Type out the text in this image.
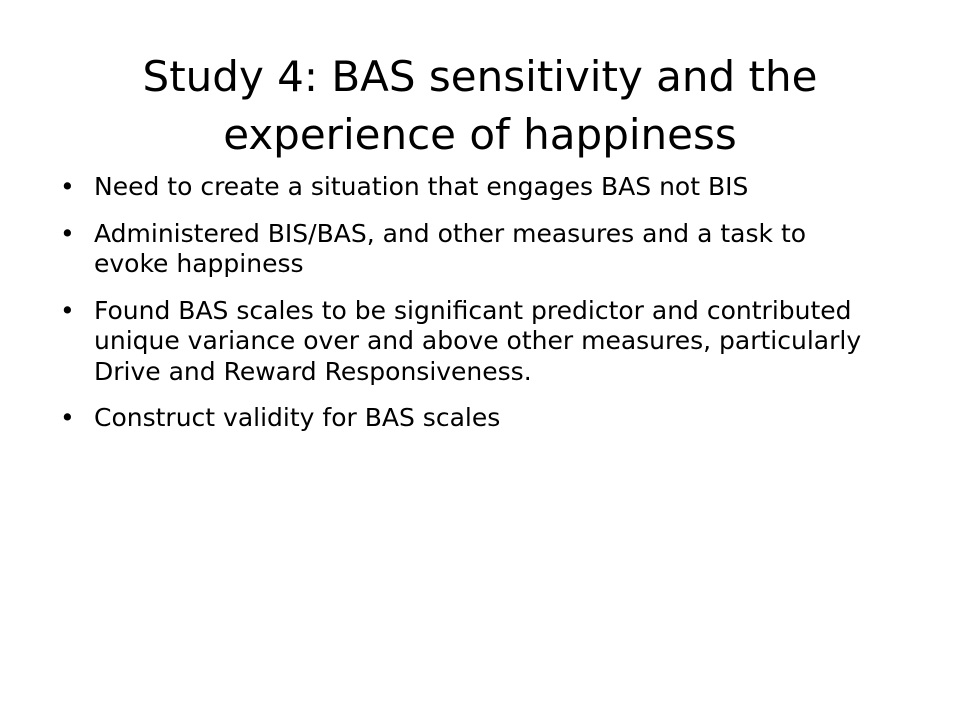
Study 4: BAS sensitivity and the experience of happiness
• Need to create a situation that engages BAS not BIS
• Administered BIS/BAS, and other measures and a task to evoke happiness
• Found BAS scales to be significant predictor and contributed unique variance over and above other measures, particularly Drive and Reward Responsiveness.
• Construct validity for BAS scales
